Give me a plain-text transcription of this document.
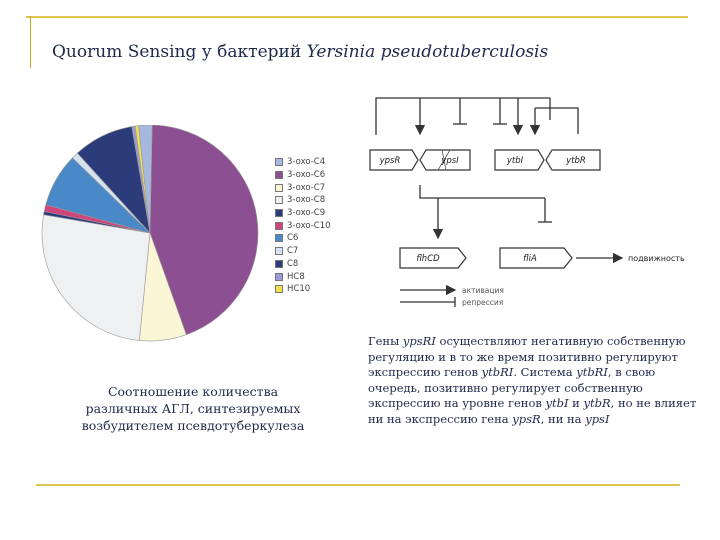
Quorum Sensing у бактерий Yersinia pseudotuberculosis
3-oxo-C4
3-oxo-C6
3-oxo-C7
3-oxo-C8
3-oxo-C9
3-oxo-C10
C6
C7
C8
HC8
HC10
Соотношение количества
различных АГЛ, синтезируемых
возбудителем псевдотуберкулеза
ypsR	ypsI	ytbI	ytbR
flhCD	fliA	подвижность
активация
репрессия
Гены ypsRI осуществляют негативную собственную регуляцию и в то же время позитивно регулируют экспрессию генов ytbRI. Система ytbRI, в свою очередь, позитивно регулирует собственную экспрессию на уровне генов ytbI и ytbR, но не влияет ни на экспрессию гена ypsR, ни на ypsI
